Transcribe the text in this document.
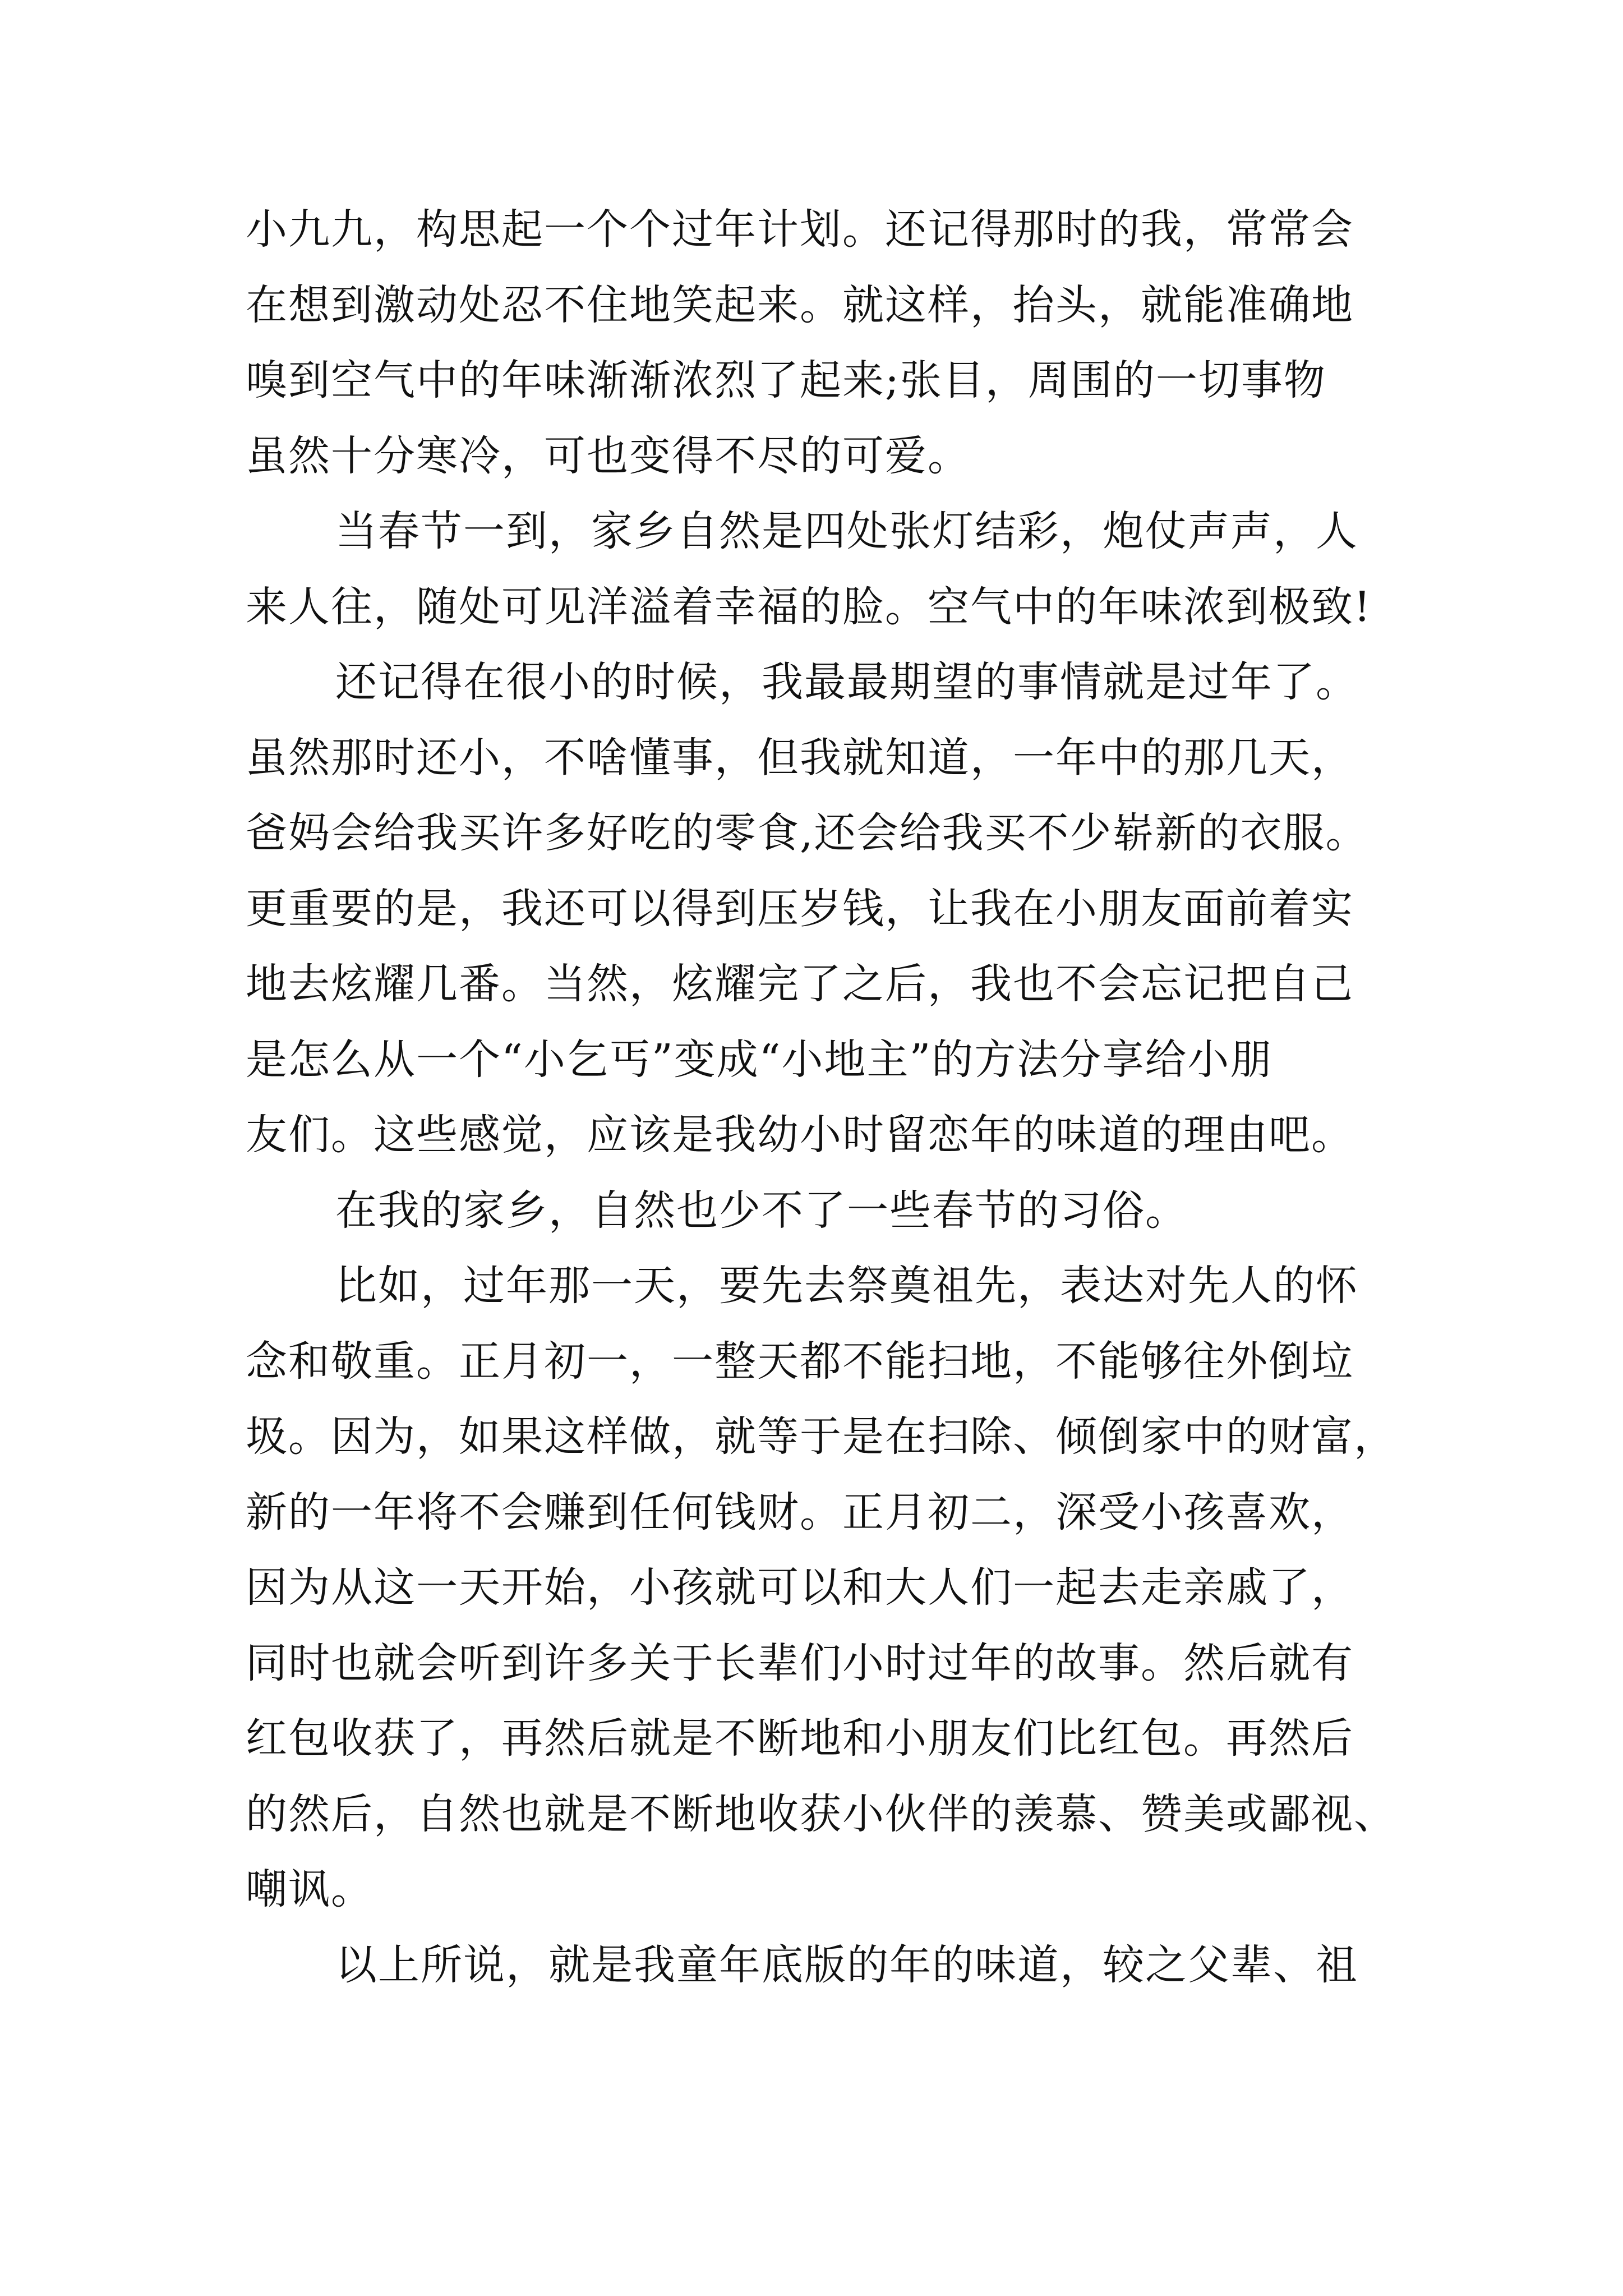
小九九，构思起一个个过年计划。还记得那时的我，常常会
在想到激动处忍不住地笑起来。就这样，抬头，就能准确地
嗅到空气中的年味渐渐浓烈了起来;张目，周围的一切事物
虽然十分寒冷，可也变得不尽的可爱。
当春节一到，家乡自然是四处张灯结彩，炮仗声声，人
来人往，随处可见洋溢着幸福的脸。空气中的年味浓到极致!
还记得在很小的时候，我最最期望的事情就是过年了。
虽然那时还小，不啥懂事，但我就知道，一年中的那几天，
爸妈会给我买许多好吃的零食,还会给我买不少崭新的衣服。
更重要的是，我还可以得到压岁钱，让我在小朋友面前着实
地去炫耀几番。当然，炫耀完了之后，我也不会忘记把自己
是怎么从一个“小乞丐”变成“小地主”的方法分享给小朋
友们。这些感觉，应该是我幼小时留恋年的味道的理由吧。
在我的家乡，自然也少不了一些春节的习俗。
比如，过年那一天，要先去祭奠祖先，表达对先人的怀
念和敬重。正月初一，一整天都不能扫地，不能够往外倒垃
圾。因为，如果这样做，就等于是在扫除、倾倒家中的财富，
新的一年将不会赚到任何钱财。正月初二，深受小孩喜欢，
因为从这一天开始，小孩就可以和大人们一起去走亲戚了，
同时也就会听到许多关于长辈们小时过年的故事。然后就有
红包收获了，再然后就是不断地和小朋友们比红包。再然后
的然后，自然也就是不断地收获小伙伴的羡慕、赞美或鄙视、
嘲讽。
以上所说，就是我童年底版的年的味道，较之父辈、祖
